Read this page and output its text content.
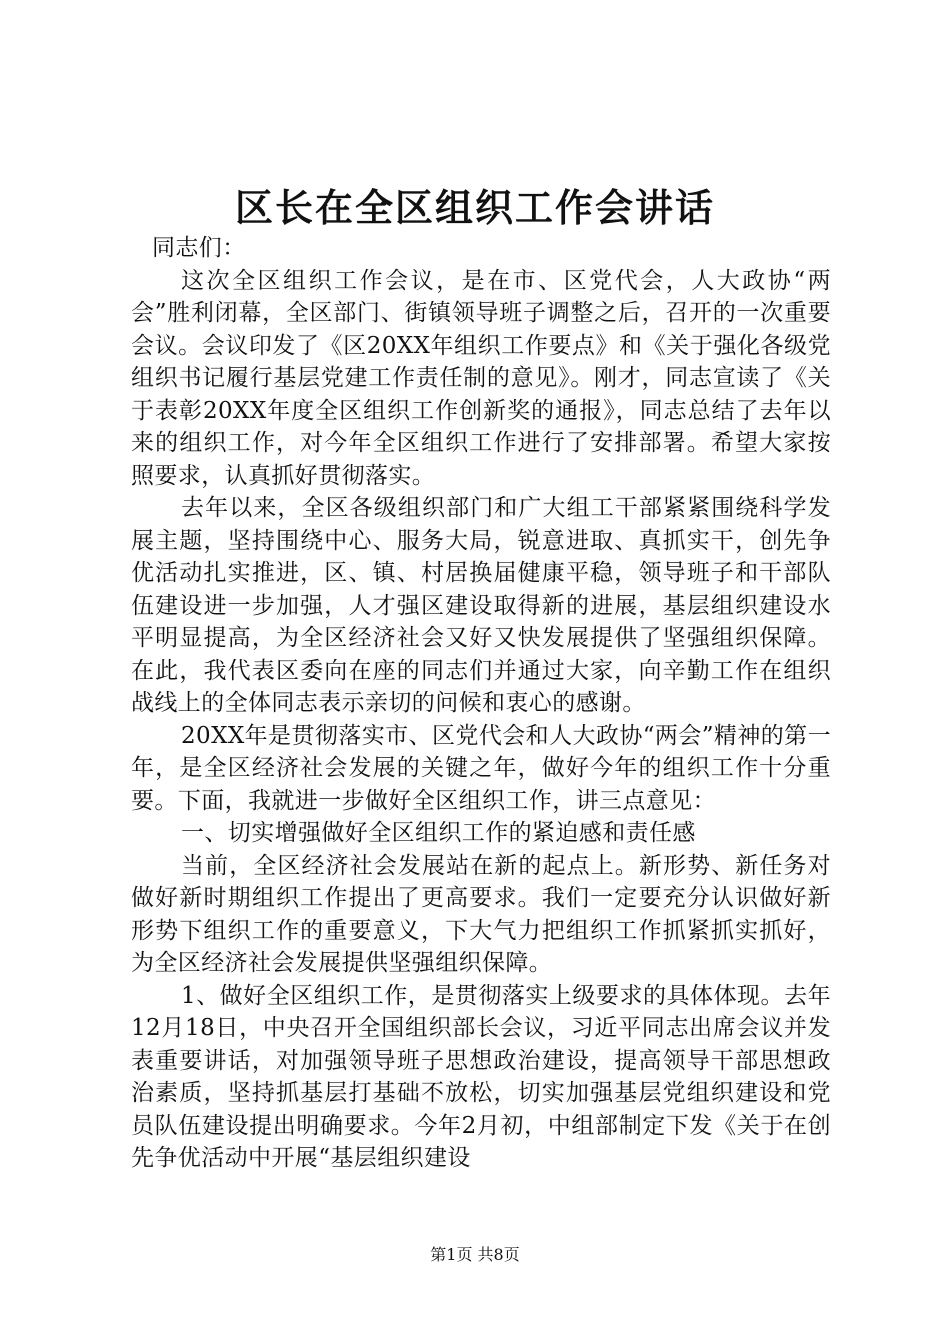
区长在全区组织工作会讲话

同志们：

这次全区组织工作会议，是在市、区党代会，人大政协“两会”胜利闭幕，全区部门、街镇领导班子调整之后，召开的一次重要会议。会议印发了《区20XX年组织工作要点》和《关于强化各级党组织书记履行基层党建工作责任制的意见》。刚才，同志宣读了《关于表彰20XX年度全区组织工作创新奖的通报》，同志总结了去年以来的组织工作，对今年全区组织工作进行了安排部署。希望大家按照要求，认真抓好贯彻落实。

去年以来，全区各级组织部门和广大组工干部紧紧围绕科学发展主题，坚持围绕中心、服务大局，锐意进取、真抓实干，创先争优活动扎实推进，区、镇、村居换届健康平稳，领导班子和干部队伍建设进一步加强，人才强区建设取得新的进展，基层组织建设水平明显提高，为全区经济社会又好又快发展提供了坚强组织保障。在此，我代表区委向在座的同志们并通过大家，向辛勤工作在组织战线上的全体同志表示亲切的问候和衷心的感谢。

20XX年是贯彻落实市、区党代会和人大政协“两会”精神的第一年，是全区经济社会发展的关键之年，做好今年的组织工作十分重要。下面，我就进一步做好全区组织工作，讲三点意见：

一、切实增强做好全区组织工作的紧迫感和责任感

当前，全区经济社会发展站在新的起点上。新形势、新任务对做好新时期组织工作提出了更高要求。我们一定要充分认识做好新形势下组织工作的重要意义，下大气力把组织工作抓紧抓实抓好，为全区经济社会发展提供坚强组织保障。

1、做好全区组织工作，是贯彻落实上级要求的具体体现。去年12月18日，中央召开全国组织部长会议，习近平同志出席会议并发表重要讲话，对加强领导班子思想政治建设，提高领导干部思想政治素质，坚持抓基层打基础不放松，切实加强基层党组织建设和党员队伍建设提出明确要求。今年2月初，中组部制定下发《关于在创先争优活动中开展“基层组织建设

第1页 共8页
